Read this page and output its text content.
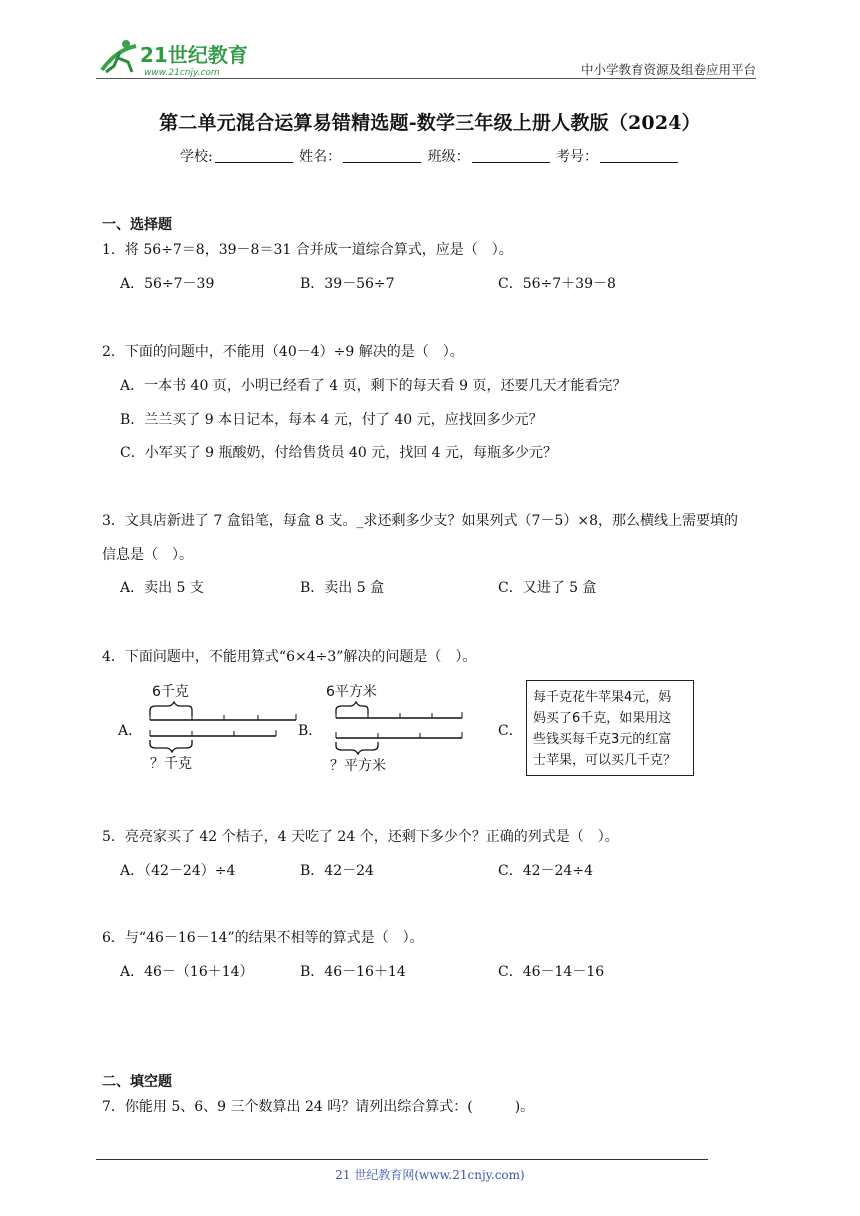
21世纪教育
www.21cnjy.com	中小学教育资源及组卷应用平台
第二单元混合运算易错精选题-数学三年级上册人教版（2024）
学校:	姓名：	班级：	考号：
一、选择题
1．将 56÷7＝8，39－8＝31 合并成一道综合算式，应是（　）。
A．56÷7－39	B．39－56÷7	C．56÷7＋39－8
2．下面的问题中，不能用（40－4）÷9 解决的是（　）。
A．一本书 40 页，小明已经看了 4 页，剩下的每天看 9 页，还要几天才能看完？
B．兰兰买了 9 本日记本，每本 4 元，付了 40 元，应找回多少元？
C．小军买了 9 瓶酸奶，付给售货员 40 元，找回 4 元，每瓶多少元？
3．文具店新进了 7 盒铅笔，每盒 8 支。_求还剩多少支？如果列式（7－5）×8，那么横线上需要填的
信息是（　）。
A．卖出 5 支	B．卖出 5 盒	C．又进了 5 盒
4．下面问题中，不能用算式“6×4÷3”解决的问题是（　）。
A．
6千克
？千克
B．
6平方米
？平方米
C．
每千克花牛苹果4元，妈
妈买了6千克，如果用这
些钱买每千克3元的红富
士苹果，可以买几千克？
5．亮亮家买了 42 个桔子，4 天吃了 24 个，还剩下多少个？正确的列式是（　）。
A．（42－24）÷4	B．42－24	C．42－24÷4
6．与“46－16－14”的结果不相等的算式是（　）。
A．46－（16＋14）	B．46－16＋14	C．46－14－16
二、填空题
7．你能用 5、6、9 三个数算出 24 吗？请列出综合算式：(　　　)。
21 世纪教育网(www.21cnjy.com)
